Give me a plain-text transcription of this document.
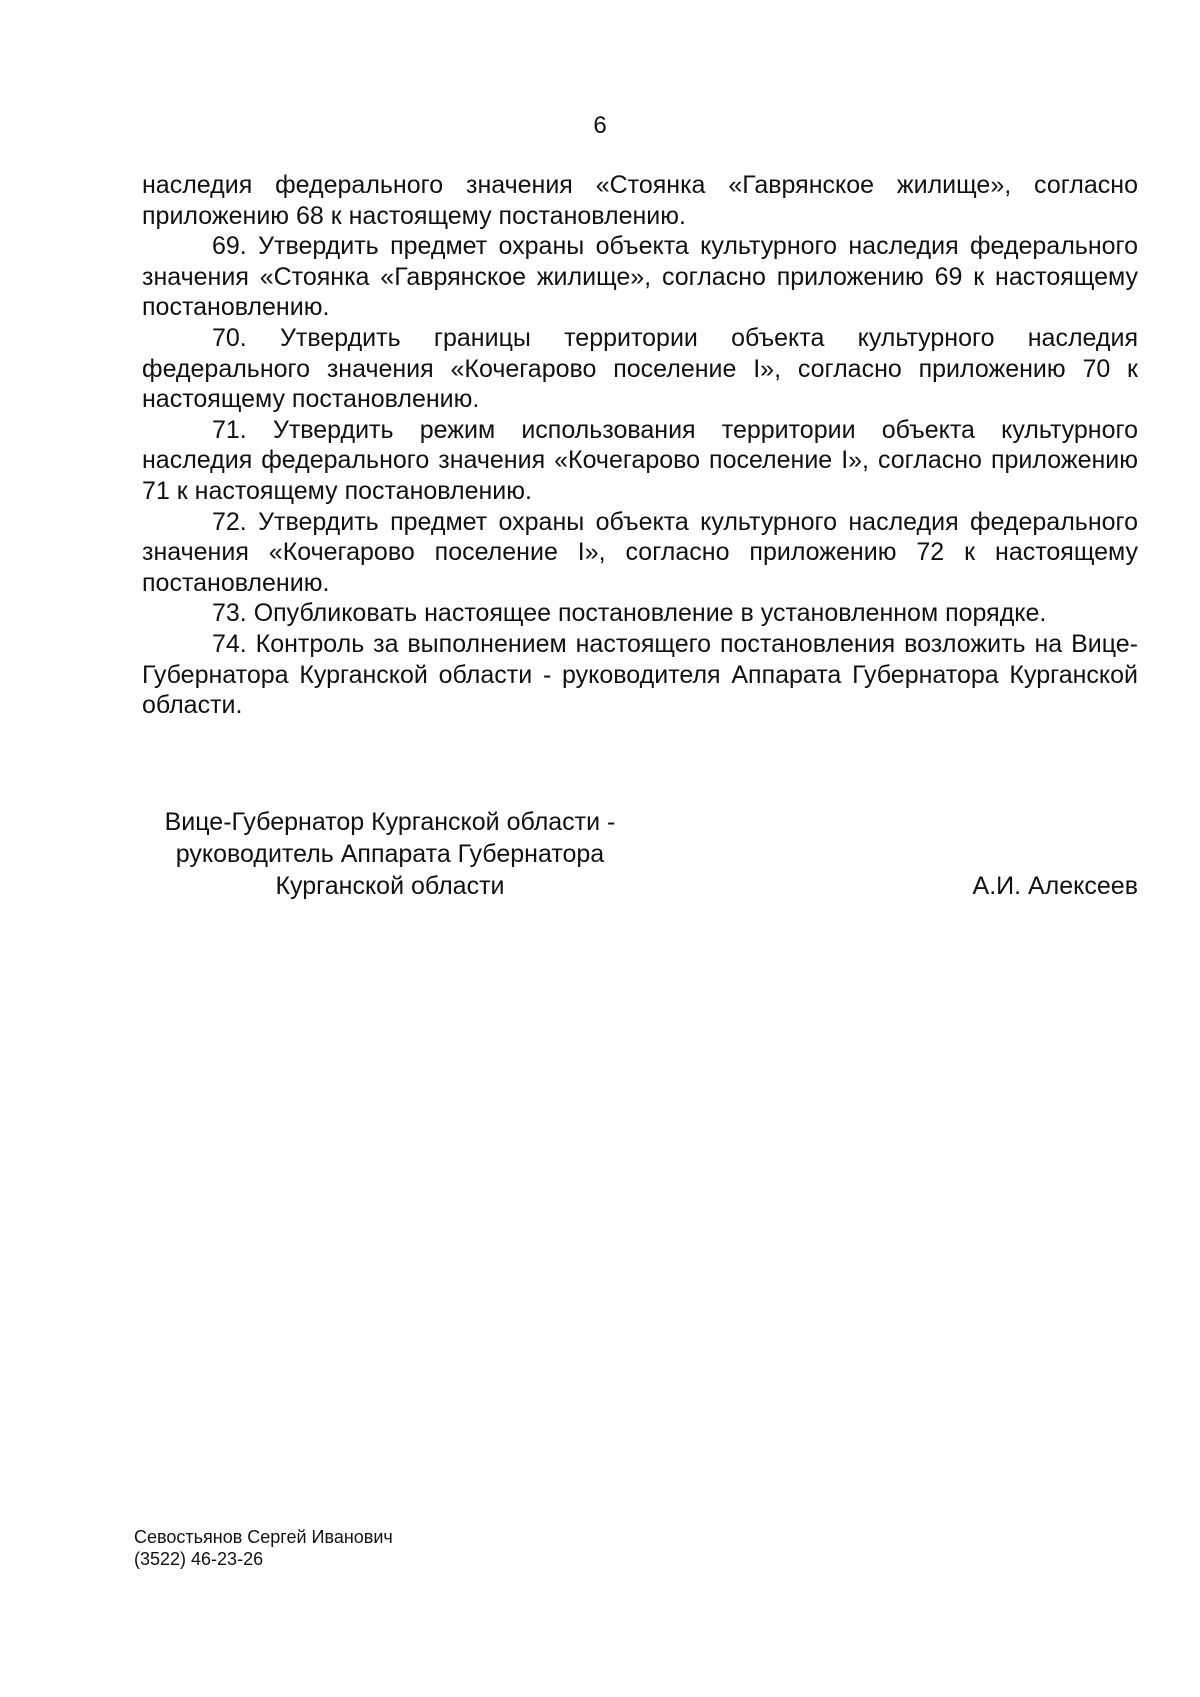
6

наследия федерального значения «Стоянка «Гаврянское жилище», согласно приложению 68 к настоящему постановлению.

69. Утвердить предмет охраны объекта культурного наследия федерального значения «Стоянка «Гаврянское жилище», согласно приложению 69 к настоящему постановлению.

70. Утвердить границы территории объекта культурного наследия федерального значения «Кочегарово поселение I», согласно приложению 70 к настоящему постановлению.

71. Утвердить режим использования территории объекта культурного наследия федерального значения «Кочегарово поселение I», согласно приложению 71 к настоящему постановлению.

72. Утвердить предмет охраны объекта культурного наследия федерального значения «Кочегарово поселение I», согласно приложению 72 к настоящему постановлению.

73. Опубликовать настоящее постановление в установленном порядке.

74. Контроль за выполнением настоящего постановления возложить на Вице-Губернатора Курганской области - руководителя Аппарата Губернатора Курганской области.

Вице-Губернатор Курганской области -
руководитель Аппарата Губернатора
Курганской области	А.И. Алексеев
Севостьянов Сергей Иванович
(3522) 46-23-26
